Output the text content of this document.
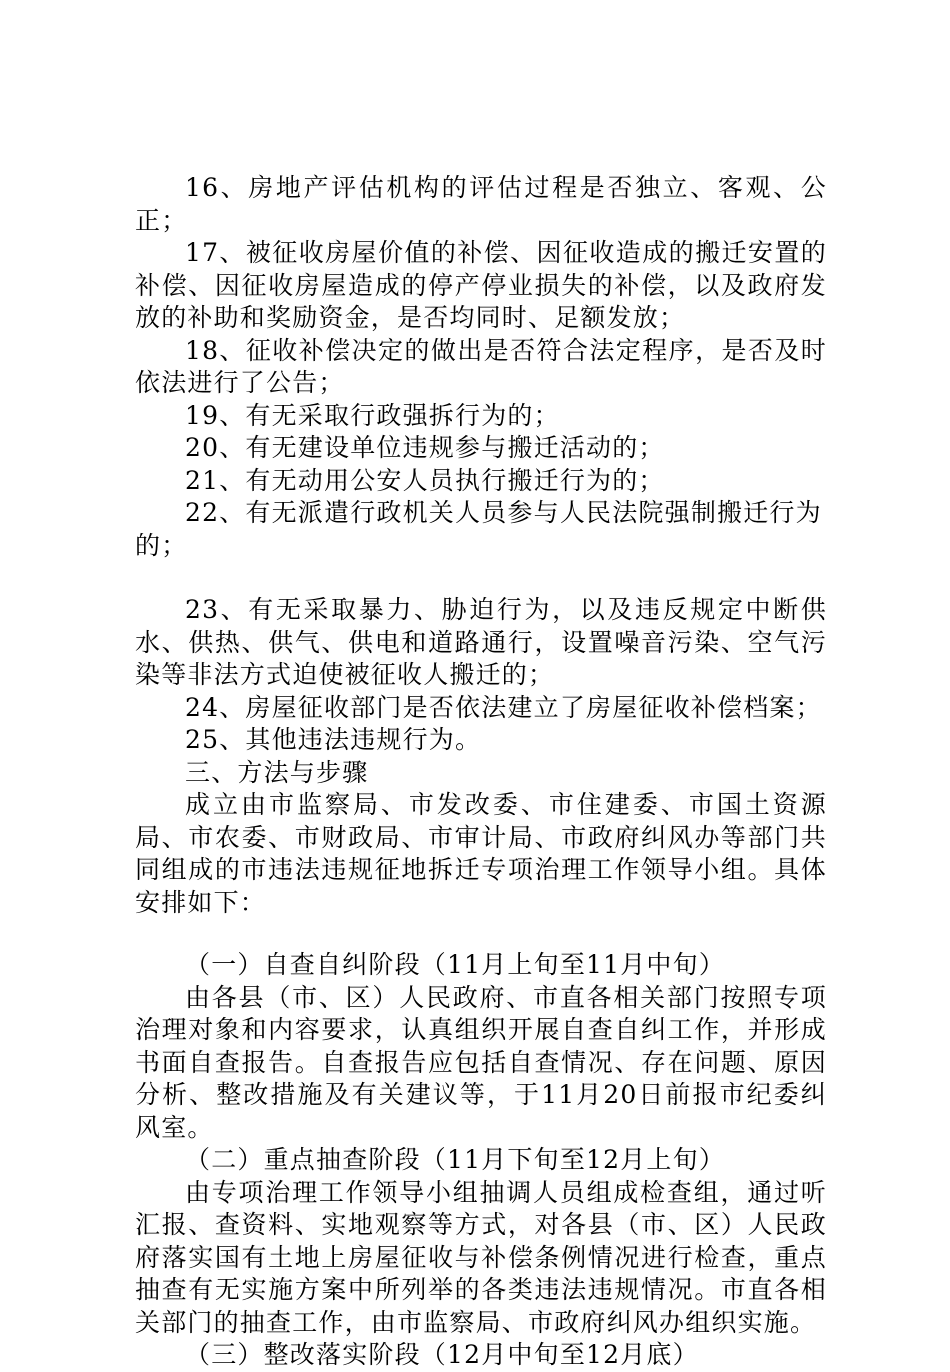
16、房地产评估机构的评估过程是否独立、客观、公正；

17、被征收房屋价值的补偿、因征收造成的搬迁安置的补偿、因征收房屋造成的停产停业损失的补偿，以及政府发放的补助和奖励资金，是否均同时、足额发放；

18、征收补偿决定的做出是否符合法定程序，是否及时依法进行了公告；

19、有无采取行政强拆行为的；

20、有无建设单位违规参与搬迁活动的；

21、有无动用公安人员执行搬迁行为的；

22、有无派遣行政机关人员参与人民法院强制搬迁行为的；

23、有无采取暴力、胁迫行为，以及违反规定中断供水、供热、供气、供电和道路通行，设置噪音污染、空气污染等非法方式迫使被征收人搬迁的；

24、房屋征收部门是否依法建立了房屋征收补偿档案；

25、其他违法违规行为。

三、方法与步骤

成立由市监察局、市发改委、市住建委、市国土资源局、市农委、市财政局、市审计局、市政府纠风办等部门共同组成的市违法违规征地拆迁专项治理工作领导小组。具体安排如下：

（一）自查自纠阶段（11月上旬至11月中旬）

由各县（市、区）人民政府、市直各相关部门按照专项治理对象和内容要求，认真组织开展自查自纠工作，并形成书面自查报告。自查报告应包括自查情况、存在问题、原因分析、整改措施及有关建议等，于11月20日前报市纪委纠风室。

（二）重点抽查阶段（11月下旬至12月上旬）

由专项治理工作领导小组抽调人员组成检查组，通过听汇报、查资料、实地观察等方式，对各县（市、区）人民政府落实国有土地上房屋征收与补偿条例情况进行检查，重点抽查有无实施方案中所列举的各类违法违规情况。市直各相关部门的抽查工作，由市监察局、市政府纠风办组织实施。

（三）整改落实阶段（12月中旬至12月底）
